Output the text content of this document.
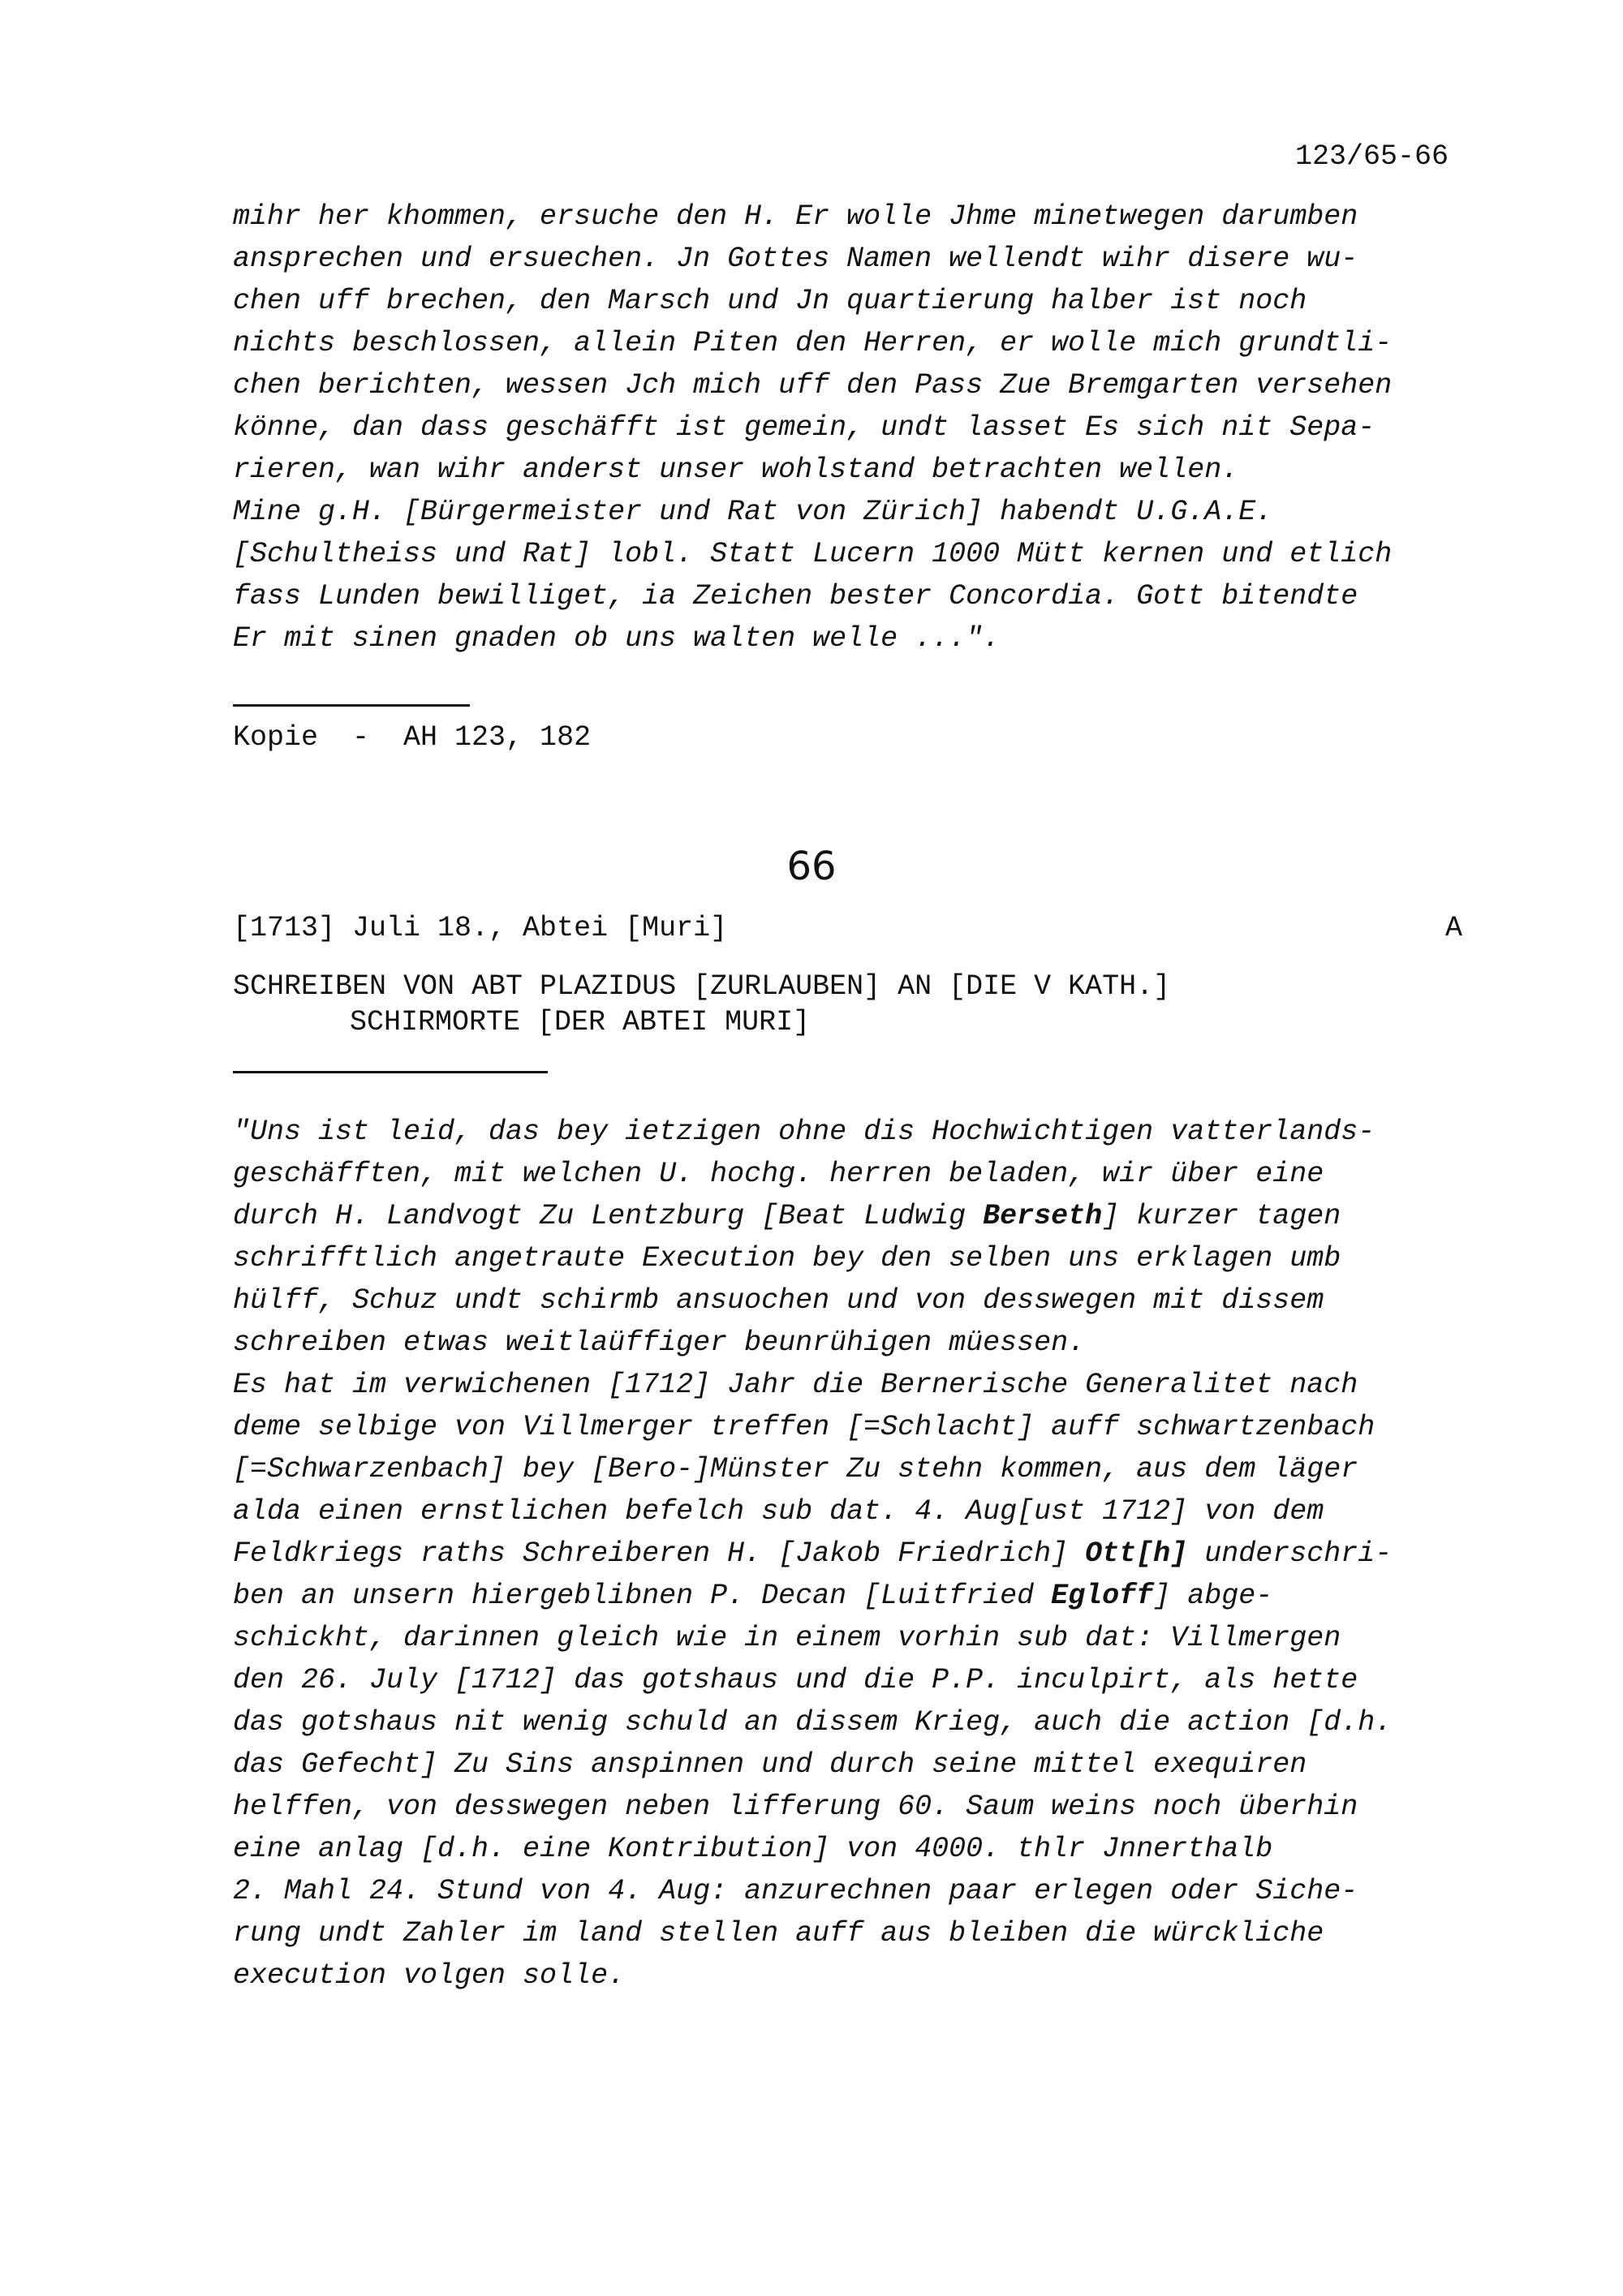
123/65-66
mihr her khommen, ersuche den H. Er wolle Jhme minetwegen darumben
ansprechen und ersuechen. Jn Gottes Namen wellendt wihr disere wu-
chen uff brechen, den Marsch und Jn quartierung halber ist noch
nichts beschlossen, allein Piten den Herren, er wolle mich grundtli-
chen berichten, wessen Jch mich uff den Pass Zue Bremgarten versehen
könne, dan dass geschäfft ist gemein, undt lasset Es sich nit Sepa-
rieren, wan wihr anderst unser wohlstand betrachten wellen.
Mine g.H. [Bürgermeister und Rat von Zürich] habendt U.G.A.E.
[Schultheiss und Rat] lobl. Statt Lucern 1000 Mütt kernen und etlich
fass Lunden bewilliget, ia Zeichen bester Concordia. Gott bitendte
Er mit sinen gnaden ob uns walten welle ...".
Kopie  -  AH 123, 182
66
[1713] Juli 18., Abtei [Muri]	A
SCHREIBEN VON ABT PLAZIDUS [ZURLAUBEN] AN [DIE V KATH.]
SCHIRMORTE [DER ABTEI MURI]
"Uns ist leid, das bey ietzigen ohne dis Hochwichtigen vatterlands-
geschäfften, mit welchen U. hochg. herren beladen, wir über eine
durch H. Landvogt Zu Lentzburg [Beat Ludwig Berseth] kurzer tagen
schrifftlich angetraute Execution bey den selben uns erklagen umb
hülff, Schuz undt schirmb ansuochen und von desswegen mit dissem
schreiben etwas weitlaüffiger beunrühigen müessen.
Es hat im verwichenen [1712] Jahr die Bernerische Generalitet nach
deme selbige von Villmerger treffen [=Schlacht] auff schwartzenbach
[=Schwarzenbach] bey [Bero-]Münster Zu stehn kommen, aus dem läger
alda einen ernstlichen befelch sub dat. 4. Aug[ust 1712] von dem
Feldkriegs raths Schreiberen H. [Jakob Friedrich] Ott[h] underschri-
ben an unsern hiergeblibnen P. Decan [Luitfried Egloff] abge-
schickht, darinnen gleich wie in einem vorhin sub dat: Villmergen
den 26. July [1712] das gotshaus und die P.P. inculpirt, als hette
das gotshaus nit wenig schuld an dissem Krieg, auch die action [d.h.
das Gefecht] Zu Sins anspinnen und durch seine mittel exequiren
helffen, von desswegen neben lifferung 60. Saum weins noch überhin
eine anlag [d.h. eine Kontribution] von 4000. thlr Jnnerthalb
2. Mahl 24. Stund von 4. Aug: anzurechnen paar erlegen oder Siche-
rung undt Zahler im land stellen auff aus bleiben die würckliche
execution volgen solle.
